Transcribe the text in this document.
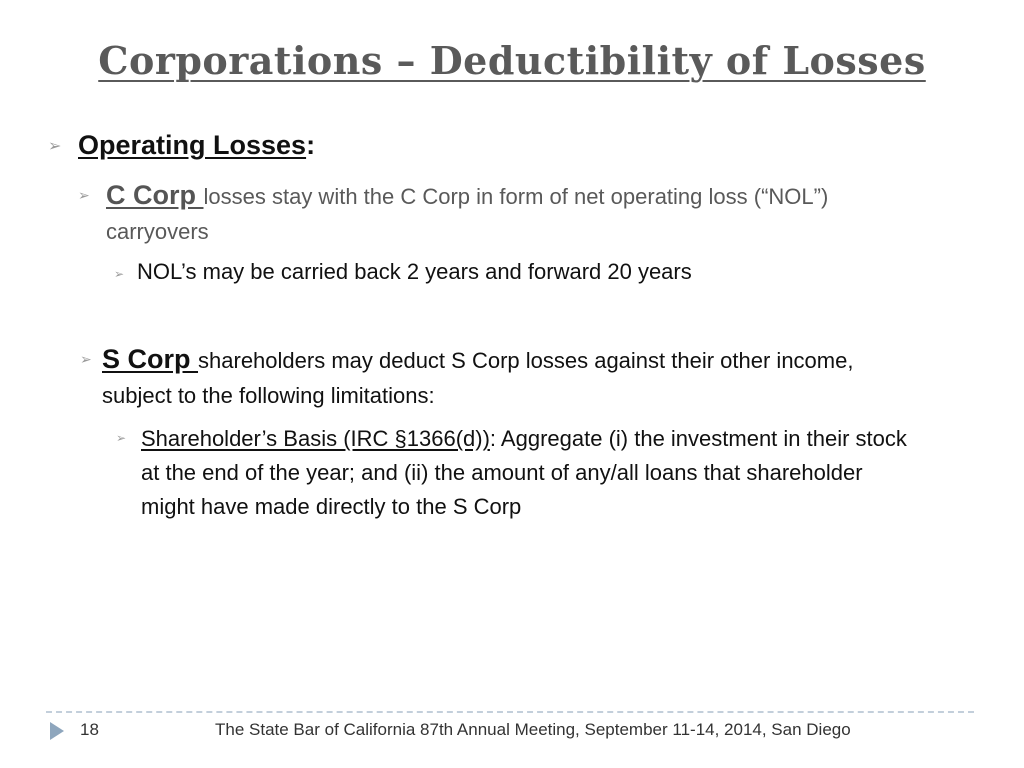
Corporations – Deductibility of Losses
➢ Operating Losses:
➢ C Corp losses stay with the C Corp in form of net operating loss (“NOL”) carryovers
➢ NOL’s may be carried back 2 years and forward 20 years
➢ S Corp shareholders may deduct S Corp losses against their other income, subject to the following limitations:
➢ Shareholder’s Basis (IRC §1366(d)): Aggregate (i) the investment in their stock at the end of the year; and (ii) the amount of any/all loans that shareholder might have made directly to the S Corp
18	The State Bar of California 87th Annual Meeting, September 11-14, 2014, San Diego
